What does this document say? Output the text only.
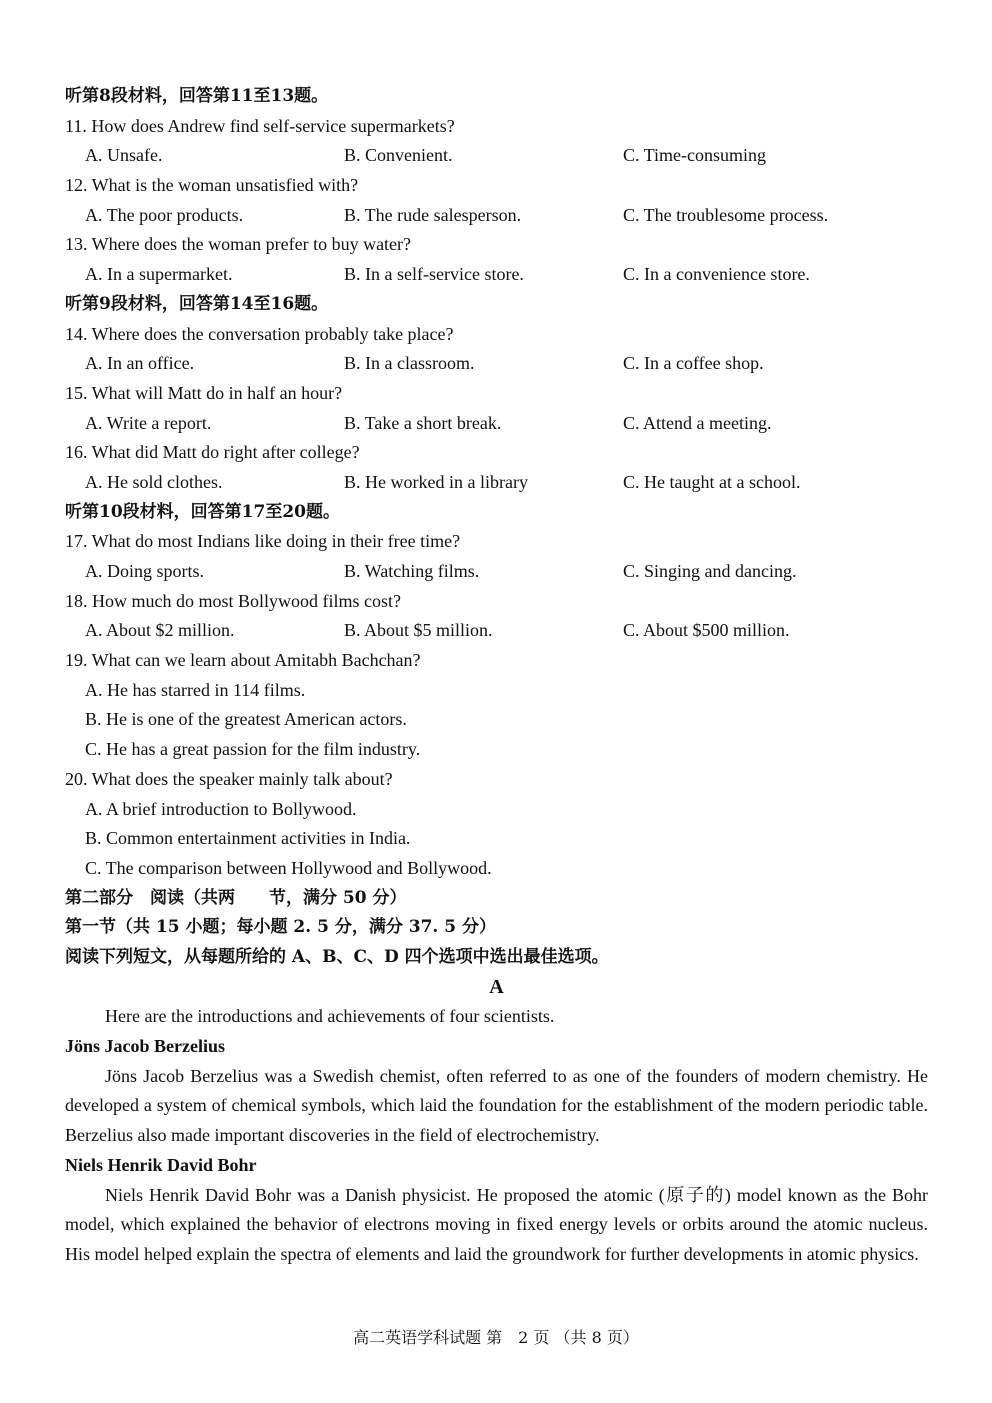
听第8段材料，回答第11至13题。
11. How does Andrew find self-service supermarkets?
A. Unsafe.	B. Convenient.	C. Time-consuming
12. What is the woman unsatisfied with?
A. The poor products.	B. The rude salesperson.	C. The troublesome process.
13. Where does the woman prefer to buy water?
A. In a supermarket.	B. In a self-service store.	C. In a convenience store.
听第9段材料，回答第14至16题。
14. Where does the conversation probably take place?
A. In an office.	B. In a classroom.	C. In a coffee shop.
15. What will Matt do in half an hour?
A. Write a report.	B. Take a short break.	C. Attend a meeting.
16. What did Matt do right after college?
A. He sold clothes.	B. He worked in a library	C. He taught at a school.
听第10段材料，回答第17至20题。
17. What do most Indians like doing in their free time?
A. Doing sports.	B. Watching films.	C. Singing and dancing.
18. How much do most Bollywood films cost?
A. About $2 million.	B. About $5 million.	C. About $500 million.
19. What can we learn about Amitabh Bachchan?
A. He has starred in 114 films.
B. He is one of the greatest American actors.
C. He has a great passion for the film industry.
20. What does the speaker mainly talk about?
A. A brief introduction to Bollywood.
B. Common entertainment activities in India.
C. The comparison between Hollywood and Bollywood.
第二部分　阅读（共两　　节，满分 50 分）
第一节（共 15 小题；每小题 2. 5 分，满分 37. 5 分）
阅读下列短文，从每题所给的 A、B、C、D 四个选项中选出最佳选项。
A

Here are the introductions and achievements of four scientists.

Jöns Jacob Berzelius

Jöns Jacob Berzelius was a Swedish chemist, often referred to as one of the founders of modern chemistry. He developed a system of chemical symbols, which laid the foundation for the establishment of the modern periodic table. Berzelius also made important discoveries in the field of electrochemistry.

Niels Henrik David Bohr

Niels Henrik David Bohr was a Danish physicist. He proposed the atomic (原子的) model known as the Bohr model, which explained the behavior of electrons moving in fixed energy levels or orbits around the atomic nucleus. His model helped explain the spectra of elements and laid the groundwork for further developments in atomic physics.

高二英语学科试题 第　2 页 （共 8 页）
